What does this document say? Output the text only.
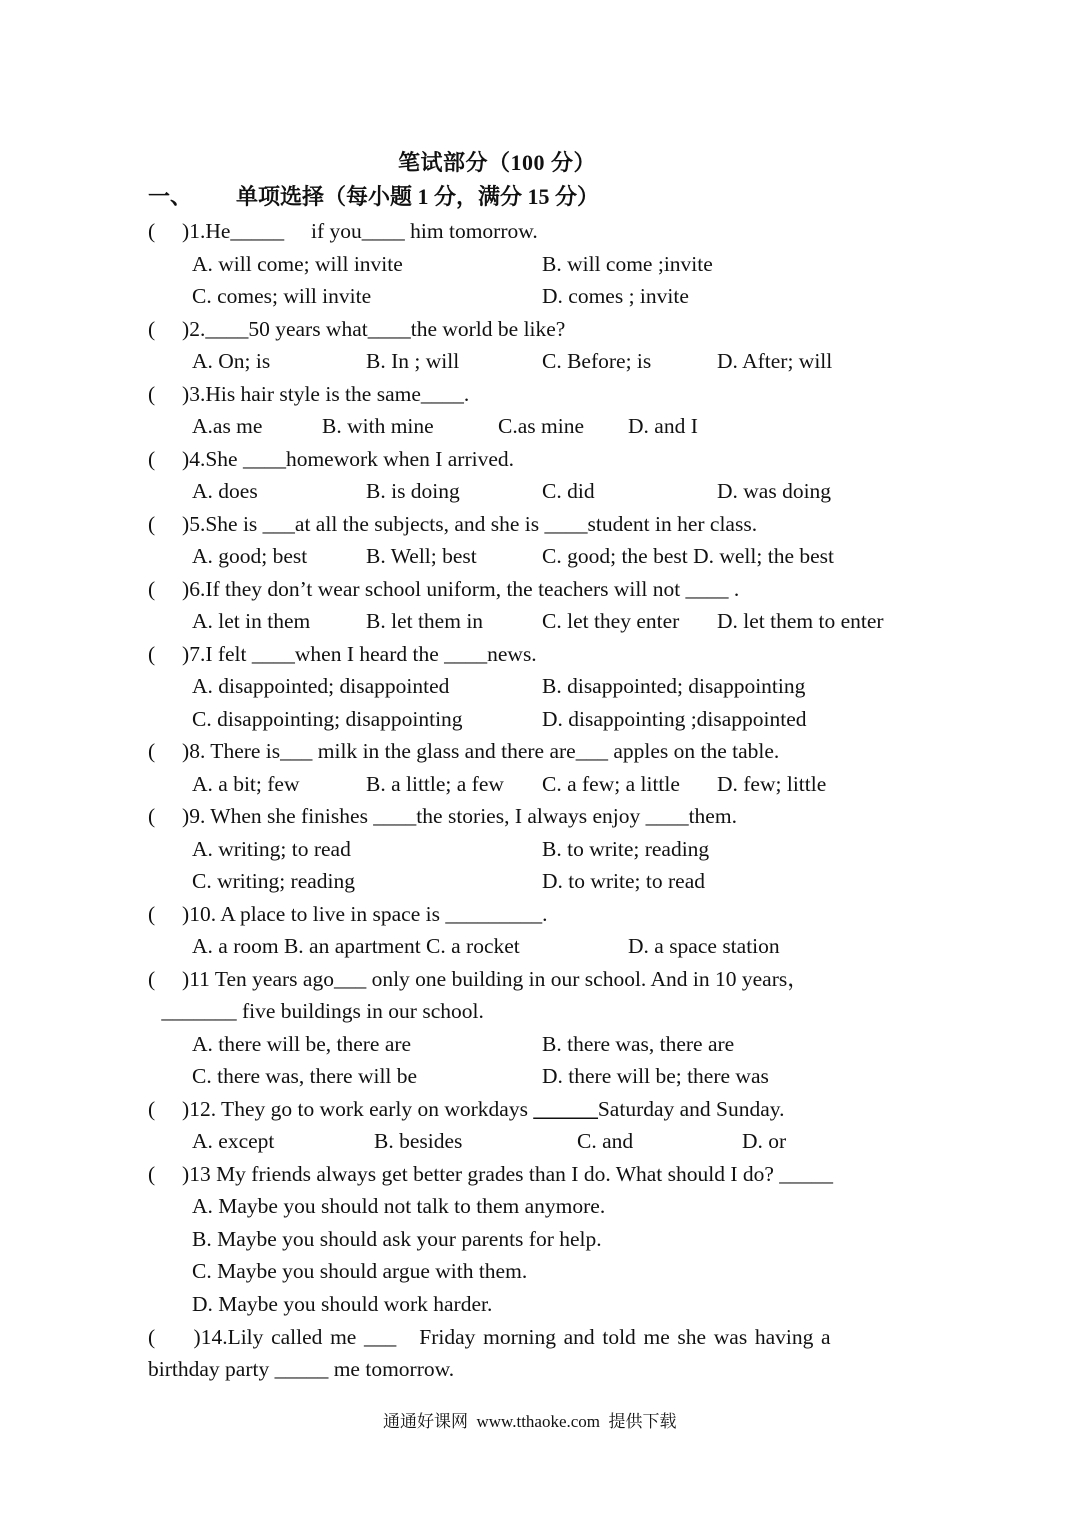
笔试部分（100 分）
一、 单项选择（每小题 1 分，满分 15 分）
(     )1.He_____     if you____ him tomorrow.
A. will come; will invite	B. will come ;invite
C. comes; will invite	D. comes ; invite
(     )2.____50 years what____the world be like?
A. On; is	B. In ; will	C. Before; is	D. After; will
(     )3.His hair style is the same____.
A.as me	B. with mine	C.as mine D. and I
(     )4.She ____homework when I arrived.
A. does	B. is doing	C. did	D. was doing
(     )5.She is ___at all the subjects, and she is ____student in her class.
A. good; best	B. Well; best	C. good; the best D. well; the best
(     )6.If they don’t wear school uniform, the teachers will not ____ .
A. let in them	B. let them in	C. let they enter D. let them to enter
(     )7.I felt ____when I heard the ____news.
A. disappointed; disappointed	B. disappointed; disappointing
C. disappointing; disappointing	D. disappointing ;disappointed
(     )8. There is___ milk in the glass and there are___ apples on the table.
A. a bit; few	B. a little; a few C. a few; a little D. few; little
(     )9. When she finishes ____the stories, I always enjoy ____them.
A. writing; to read	B. to write; reading
C. writing; reading	D. to write; to read
(     )10. A place to live in space is _________.
A. a room B. an apartment C. a rocket	D. a space station
(     )11 Ten years ago___ only one building in our school. And in 10 years，
_______ five buildings in our school.
A. there will be, there are	B. there was, there are
C. there was, there will be	D. there will be; there was
(     )12. They go to work early on workdays ______Saturday and Sunday.
A. except	B. besides	C. and	D. or
(     )13 My friends always get better grades than I do. What should I do? _____
A. Maybe you should not talk to them anymore.
B. Maybe you should ask your parents for help.
C. Maybe you should argue with them.
D. Maybe you should work harder.
(     )14.Lily called me ___   Friday morning and told me she was having a
birthday party _____ me tomorrow.
通通好课网  www.tthaoke.com  提供下载
